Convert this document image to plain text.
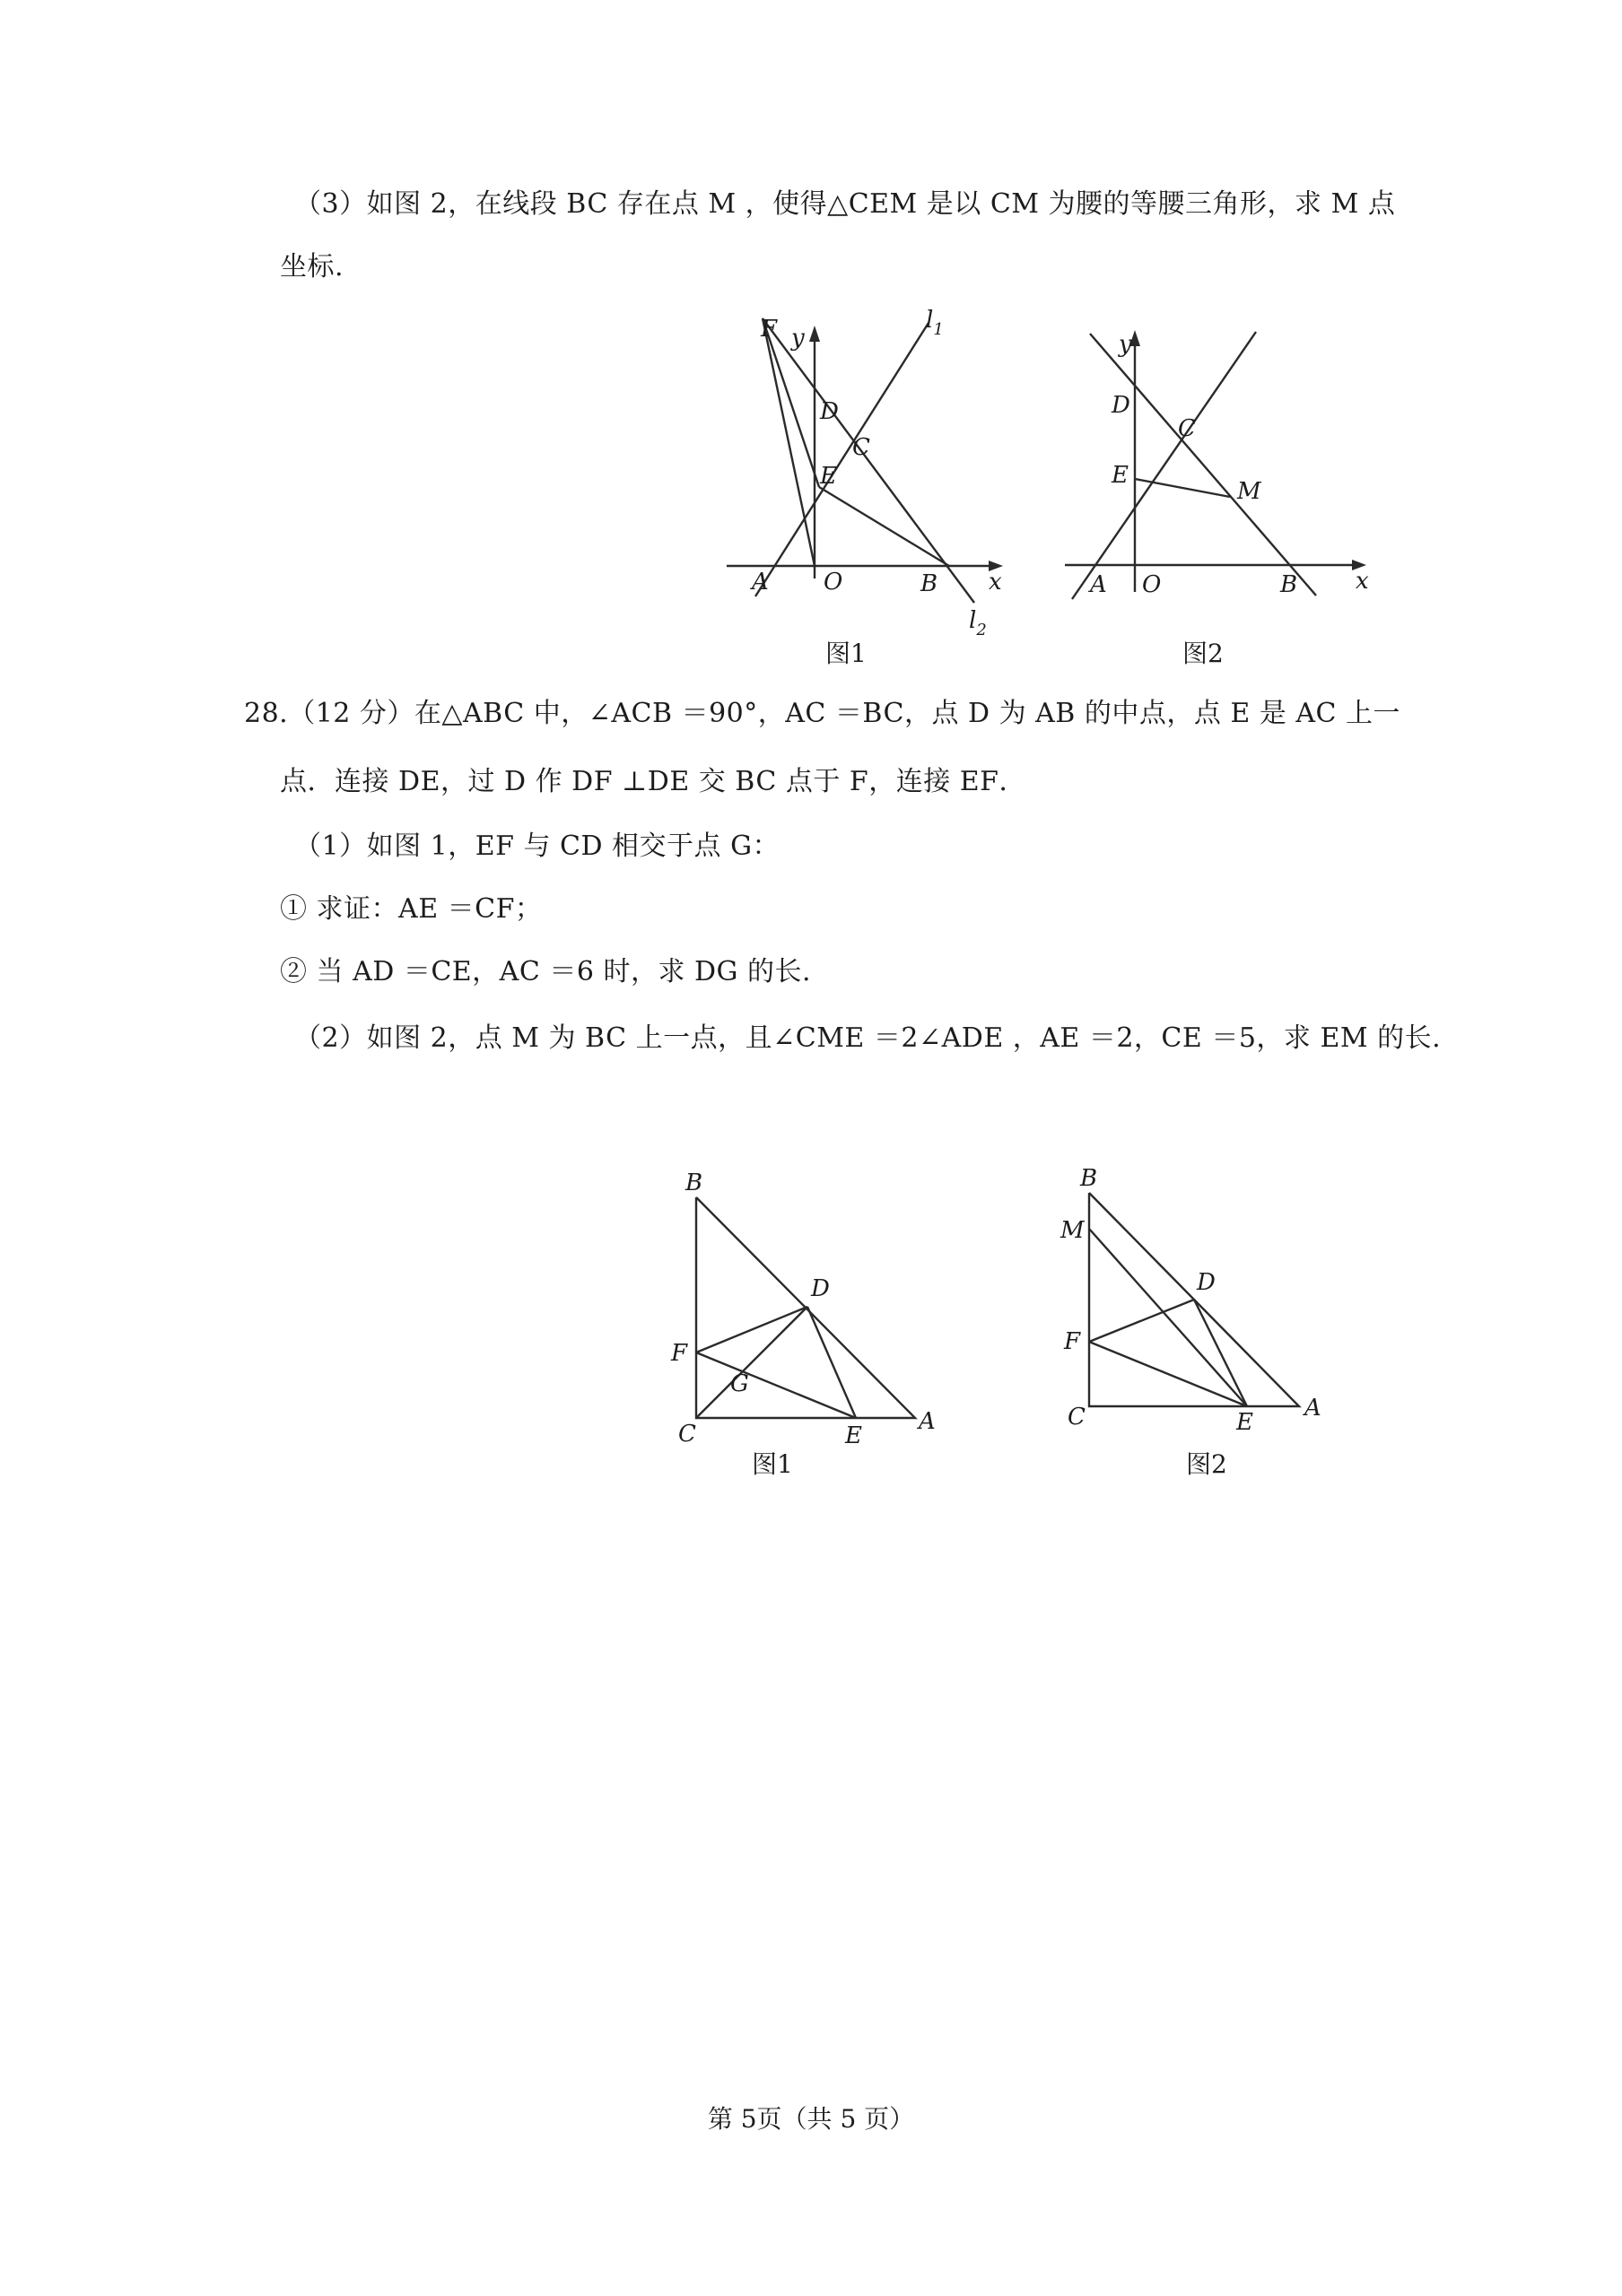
（3）如图 2，在线段 BC 存在点 M ，使得△CEM 是以 CM 为腰的等腰三角形，求 M 点
坐标.
F y
$l_1$
D
C
E
A O	B x
$l_2$
图1
y
D
C
E
M
A O	B x
图2
28.（12 分）在△ABC 中，∠ACB ＝90°，AC ＝BC，点 D 为 AB 的中点，点 E 是 AC 上一
点．连接 DE，过 D 作 DF ⊥DE 交 BC 点于 F，连接 EF．
（1）如图 1，EF 与 CD 相交于点 G：
① 求证：AE ＝CF；
② 当 AD ＝CE，AC ＝6 时，求 DG 的长.
（2）如图 2，点 M 为 BC 上一点，且∠CME ＝2∠ADE ，AE ＝2，CE ＝5，求 EM 的长.
B
D
F
G
C	E
A
图1
B
M
D
F
C	E
A
图2
第 5页（共 5 页）
